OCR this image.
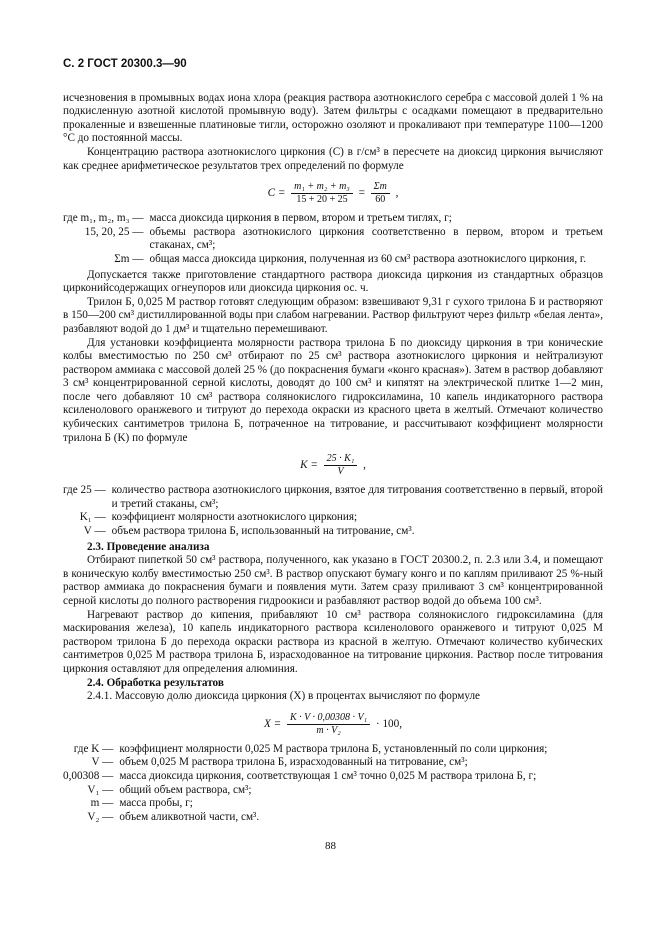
С. 2 ГОСТ 20300.3—90

исчезновения в промывных водах иона хлора (реакция раствора азотнокислого серебра с массовой долей 1 % на подкисленную азотной кислотой промывную воду). Затем фильтры с осадками помещают в предварительно прокаленные и взвешенные платиновые тигли, осторожно озоляют и прокаливают при температуре 1100—1200 °С до постоянной массы.

Концентрацию раствора азотнокислого циркония (C) в г/см³ в пересчете на диоксид циркония вычисляют как среднее арифметическое результатов трех определений по формуле

$C = \frac{\text{m₁ + m₂ + m₃}}{15 + 20 + 25} = \frac{\Sigma m}{60}$ ,
где m₁, m₂, m₃ — масса диоксида циркония в первом, втором и третьем тиглях, г;
15, 20, 25 — объемы раствора азотнокислого циркония соответственно в первом, втором и третьем стаканах, см³;
Σm — общая масса диоксида циркония, полученная из 60 см³ раствора азотнокислого циркония, г.

Допускается также приготовление стандартного раствора диоксида циркония из стандартных образцов цирконийсодержащих огнеупоров или диоксида циркония ос. ч.

Трилон Б, 0,025 М раствор готовят следующим образом: взвешивают 9,31 г сухого трилона Б и растворяют в 150—200 см³ дистиллированной воды при слабом нагревании. Раствор фильтруют через фильтр «белая лента», разбавляют водой до 1 дм³ и тщательно перемешивают.

Для установки коэффициента молярности раствора трилона Б по диоксиду циркония в три конические колбы вместимостью по 250 см³ отбирают по 25 см³ раствора азотнокислого циркония и нейтрализуют раствором аммиака с массовой долей 25 % (до покраснения бумаги «конго красная»). Затем в раствор добавляют 3 см³ концентрированной серной кислоты, доводят до 100 см³ и кипятят на электрической плитке 1—2 мин, после чего добавляют 10 см³ раствора солянокислого гидроксиламина, 10 капель индикаторного раствора ксиленолового оранжевого и титруют до перехода окраски из красного цвета в желтый. Отмечают количество кубических сантиметров трилона Б, потраченное на титрование, и рассчитывают коэффициент молярности трилона Б (K) по формуле

$K = \frac{\text{25 · K₁}}{V}$ ,
где 25 — количество раствора азотнокислого циркония, взятое для титрования соответственно в первый, второй и третий стаканы, см³;
K₁ — коэффициент молярности азотнокислого циркония;
V — объем раствора трилона Б, использованный на титрование, см³.

2.3. Проведение анализа

Отбирают пипеткой 50 см³ раствора, полученного, как указано в ГОСТ 20300.2, п. 2.3 или 3.4, и помещают в коническую колбу вместимостью 250 см³. В раствор опускают бумагу конго и по каплям приливают 25 %-ный раствор аммиака до покраснения бумаги и появления мути. Затем сразу приливают 3 см³ концентрированной серной кислоты до полного растворения гидроокиси и разбавляют раствор водой до объема 100 см³.

Нагревают раствор до кипения, прибавляют 10 см³ раствора солянокислого гидроксиламина (для маскирования железа), 10 капель индикаторного раствора ксиленолового оранжевого и титруют 0,025 М раствором трилона Б до перехода окраски раствора из красной в желтую. Отмечают количество кубических сантиметров 0,025 М раствора трилона Б, израсходованное на титрование циркония. Раствор после титрования циркония оставляют для определения алюминия.

2.4. Обработка результатов

2.4.1. Массовую долю диоксида циркония (X) в процентах вычисляют по формуле

$X = \frac{\text{K · V · 0,00308 · V₁}}{\text{m · V₂}} \cdot 100$,
где K — коэффициент молярности 0,025 М раствора трилона Б, установленный по соли циркония;
V — объем 0,025 М раствора трилона Б, израсходованный на титрование, см³;
0,00308 — масса диоксида циркония, соответствующая 1 см³ точно 0,025 М раствора трилона Б, г;
V₁ — общий объем раствора, см³;
m — масса пробы, г;
V₂ — объем аликвотной части, см³.
88
